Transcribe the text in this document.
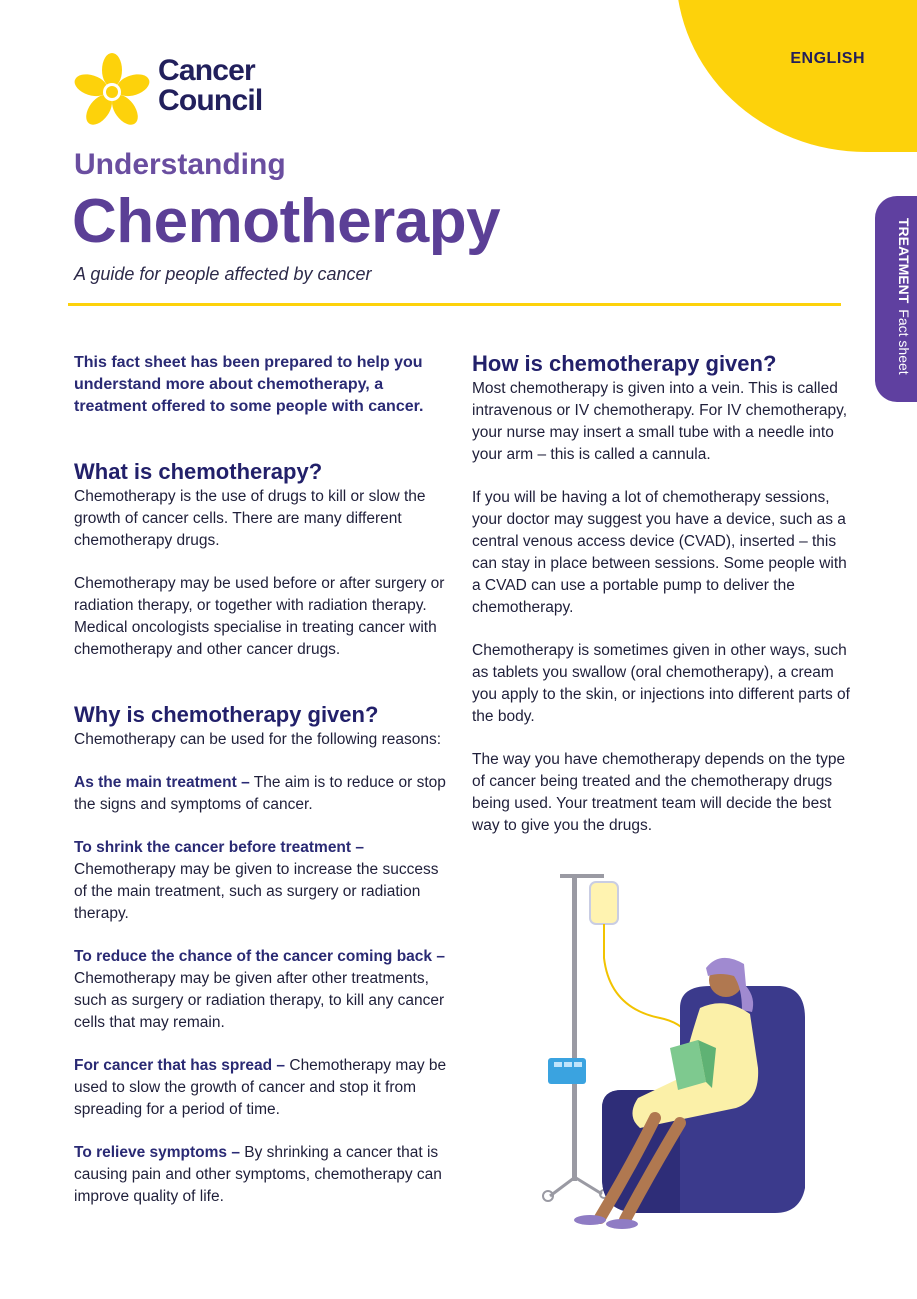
ENGLISH
Cancer
Council
Understanding
Chemotherapy
A guide for people affected by cancer	TREATMENTFact sheet

This fact sheet has been prepared to help you understand more about chemotherapy, a treatment offered to some people with cancer.

What is chemotherapy?

Chemotherapy is the use of drugs to kill or slow the growth of cancer cells. There are many different chemotherapy drugs.

Chemotherapy may be used before or after surgery or radiation therapy, or together with radiation therapy. Medical oncologists specialise in treating cancer with chemotherapy and other cancer drugs.

Why is chemotherapy given?

Chemotherapy can be used for the following reasons:

As the main treatment – The aim is to reduce or stop the signs and symptoms of cancer.

To shrink the cancer before treatment – Chemotherapy may be given to increase the success of the main treatment, such as surgery or radiation therapy.

To reduce the chance of the cancer coming back – Chemotherapy may be given after other treatments, such as surgery or radiation therapy, to kill any cancer cells that may remain.

For cancer that has spread – Chemotherapy may be used to slow the growth of cancer and stop it from spreading for a period of time.

To relieve symptoms – By shrinking a cancer that is causing pain and other symptoms, chemotherapy can improve quality of life.

How is chemotherapy given?

Most chemotherapy is given into a vein. This is called intravenous or IV chemotherapy. For IV chemotherapy, your nurse may insert a small tube with a needle into your arm – this is called a cannula.

If you will be having a lot of chemotherapy sessions, your doctor may suggest you have a device, such as a central venous access device (CVAD), inserted – this can stay in place between sessions. Some people with a CVAD can use a portable pump to deliver the chemotherapy.

Chemotherapy is sometimes given in other ways, such as tablets you swallow (oral chemotherapy), a cream you apply to the skin, or injections into different parts of the body.

The way you have chemotherapy depends on the type of cancer being treated and the chemotherapy drugs being used. Your treatment team will decide the best way to give you the drugs.
